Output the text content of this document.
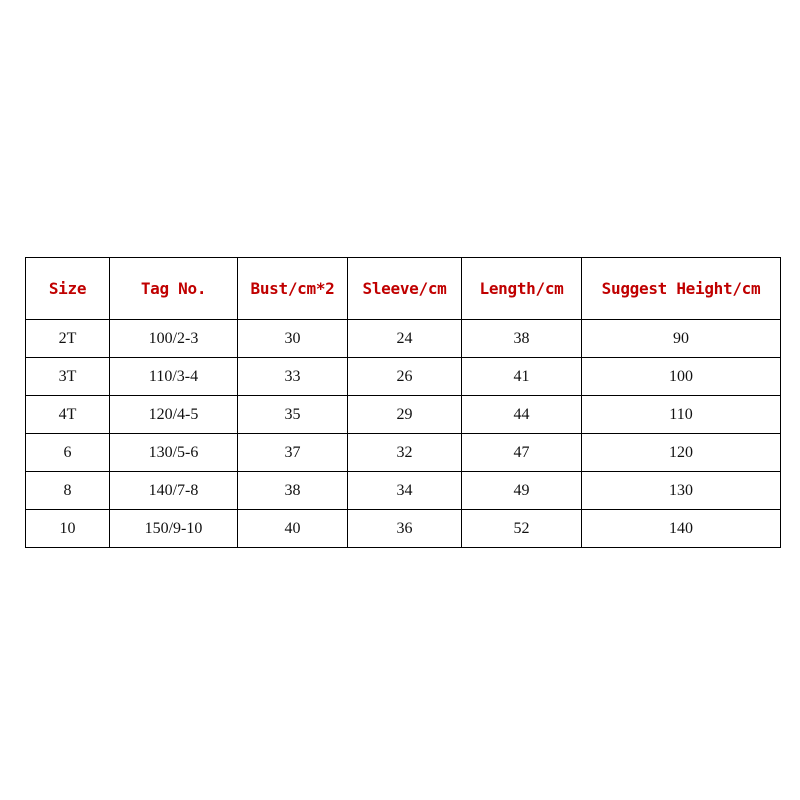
Size	Tag No.	Bust/cm*2	Sleeve/cm	Length/cm	Suggest Height/cm
2T	100/2-3	30	24	38	90
3T	110/3-4	33	26	41	100
4T	120/4-5	35	29	44	110
6	130/5-6	37	32	47	120
8	140/7-8	38	34	49	130
10	150/9-10	40	36	52	140
